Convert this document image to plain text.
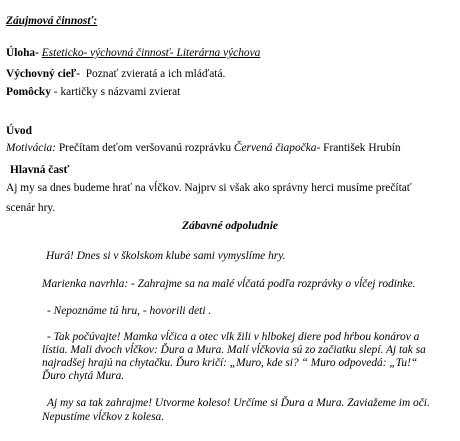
Záujmová činnosť:
Úloha- Esteticko- výchovná činnosť- Literárna výchova
Výchovný cieľ- Poznať zvieratá a ich mláďatá.
Pomôcky - kartičky s názvami zvierat
Úvod
Motivácia: Prečítam deťom veršovanú rozprávku Červená čiapočka- František Hrubín
Hlavná časť
Aj my sa dnes budeme hrať na vĺčkov. Najprv si však ako správny herci musíme prečítať
scenár hry.
Zábavné odpoludnie
Hurá! Dnes si v školskom klube sami vymyslíme hry.
Marienka navrhla: - Zahrajme sa na malé vĺčatá podľa rozprávky o vĺčej rodinke.
- Nepoznáme tú hru, - hovorili deti .
- Tak počúvajte! Mamka vĺčica a otec vlk žili v hlbokej diere pod hŕbou konárov a
lístia. Mali dvoch vĺčkov: Ďura a Mura. Malí vĺčkovia sú zo začiatku slepí. Aj tak sa
najradšej hrajú na chytačku. Ďuro kričí: „Muro, kde si? “ Muro odpovedá: „Tu!“
Ďuro chytá Mura.
Aj my sa tak zahrajme! Utvorme koleso! Určíme si Ďura a Mura. Zaviažeme im oči.
Nepustíme vĺčkov z kolesa.
